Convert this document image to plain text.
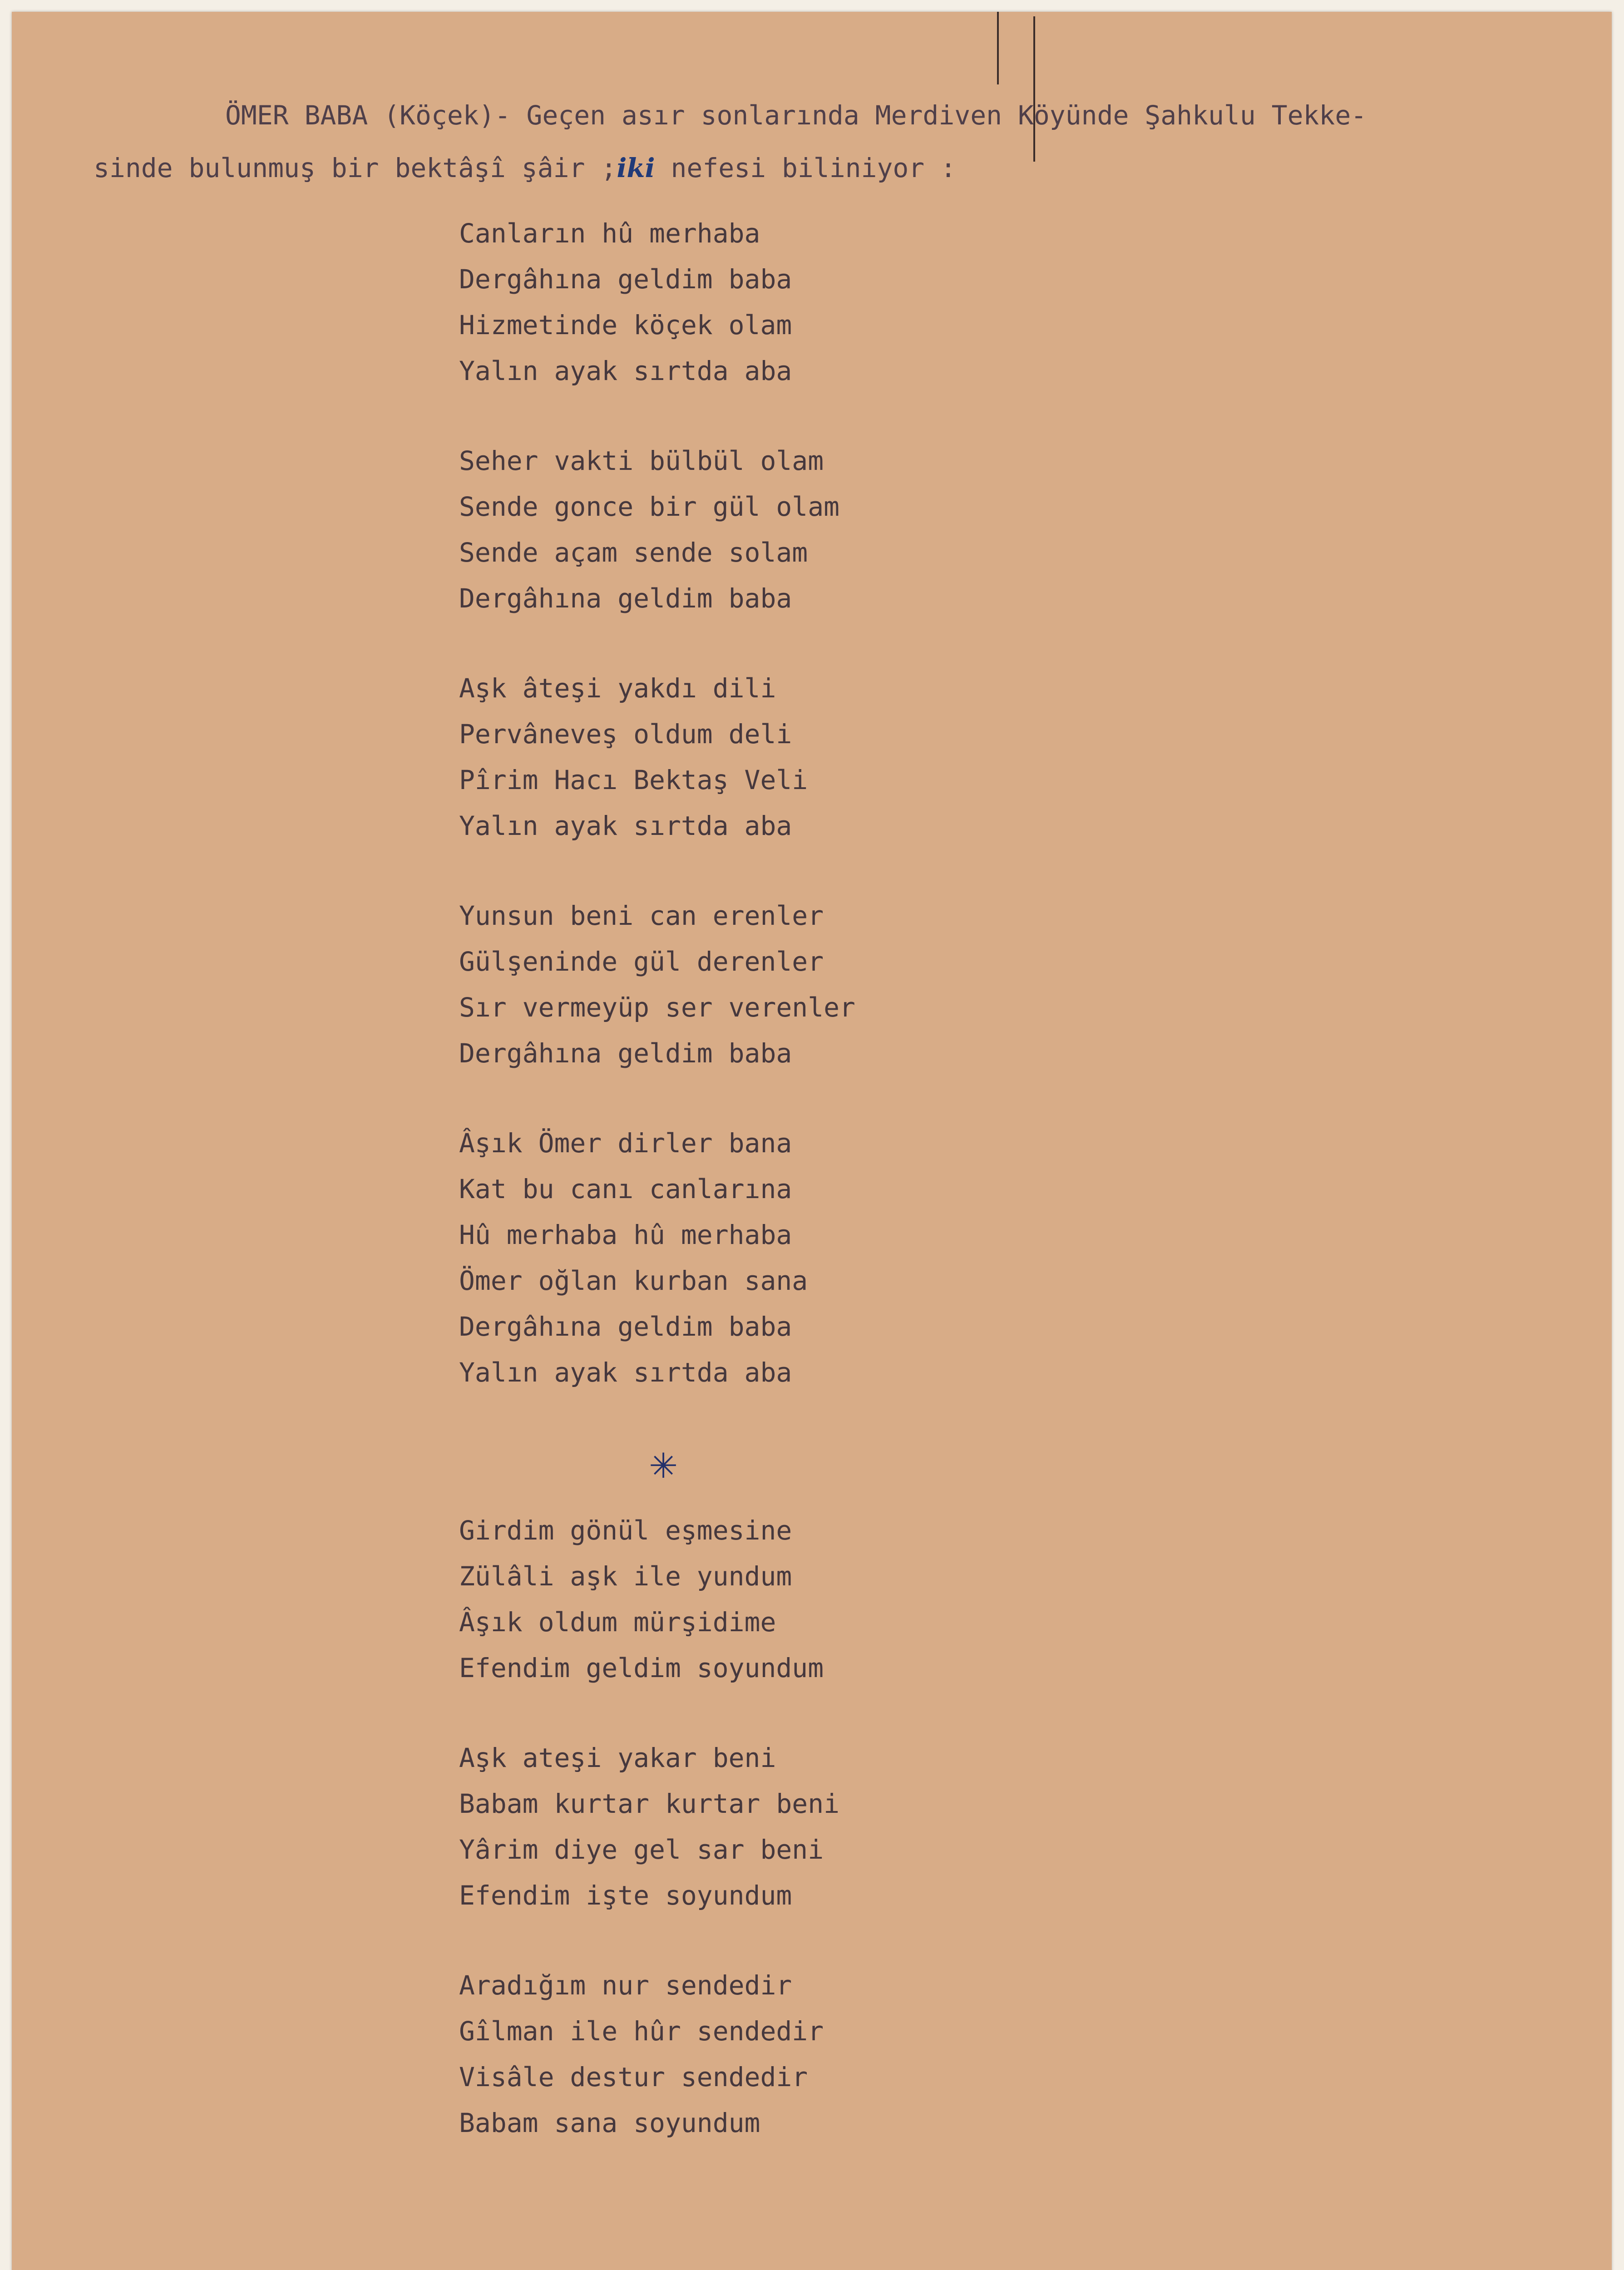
ÖMER BABA (Köçek)- Geçen asır sonlarında Merdiven Köyünde Şahkulu Tekke-
sinde bulunmuş bir bektâşî şâir ;iki nefesi biliniyor :
Canların hû merhaba
Dergâhına geldim baba
Hizmetinde köçek olam
Yalın ayak sırtda aba
Seher vakti bülbül olam
Sende gonce bir gül olam
Sende açam sende solam
Dergâhına geldim baba
Aşk âteşi yakdı dili
Pervâneveş oldum deli
Pîrim Hacı Bektaş Veli
Yalın ayak sırtda aba
Yunsun beni can erenler
Gülşeninde gül derenler
Sır vermeyüp ser verenler
Dergâhına geldim baba
Âşık Ömer dirler bana
Kat bu canı canlarına
Hû merhaba hû merhaba
Ömer oğlan kurban sana
Dergâhına geldim baba
Yalın ayak sırtda aba
✳
Girdim gönül eşmesine
Zülâli aşk ile yundum
Âşık oldum mürşidime
Efendim geldim soyundum
Aşk ateşi yakar beni
Babam kurtar kurtar beni
Yârim diye gel sar beni
Efendim işte soyundum
Aradığım nur sendedir
Gîlman ile hûr sendedir
Visâle destur sendedir
Babam sana soyundum
